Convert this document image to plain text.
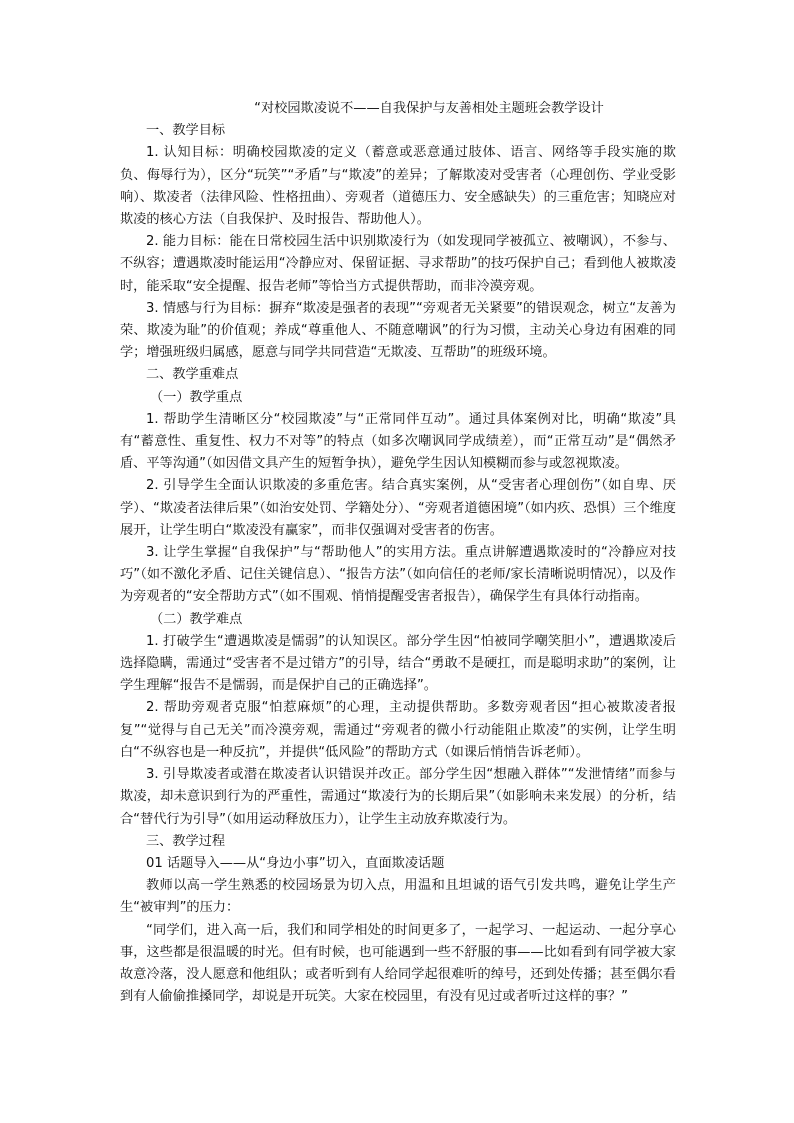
“对校园欺凌说不——自我保护与友善相处主题班会教学设计

一、教学目标

1. 认知目标：明确校园欺凌的定义（蓄意或恶意通过肢体、语言、网络等手段实施的欺负、侮辱行为），区分“玩笑”“矛盾”与“欺凌”的差异；了解欺凌对受害者（心理创伤、学业受影响）、欺凌者（法律风险、性格扭曲）、旁观者（道德压力、安全感缺失）的三重危害；知晓应对欺凌的核心方法（自我保护、及时报告、帮助他人）。

2. 能力目标：能在日常校园生活中识别欺凌行为（如发现同学被孤立、被嘲讽），不参与、不纵容；遭遇欺凌时能运用“冷静应对、保留证据、寻求帮助”的技巧保护自己；看到他人被欺凌时，能采取“安全提醒、报告老师”等恰当方式提供帮助，而非冷漠旁观。

3. 情感与行为目标：摒弃“欺凌是强者的表现”“旁观者无关紧要”的错误观念，树立“友善为荣、欺凌为耻”的价值观；养成“尊重他人、不随意嘲讽”的行为习惯，主动关心身边有困难的同学；增强班级归属感，愿意与同学共同营造“无欺凌、互帮助”的班级环境。

二、教学重难点

（一）教学重点

1. 帮助学生清晰区分“校园欺凌”与“正常同伴互动”。通过具体案例对比，明确“欺凌”具有“蓄意性、重复性、权力不对等”的特点（如多次嘲讽同学成绩差），而“正常互动”是“偶然矛盾、平等沟通”（如因借文具产生的短暂争执），避免学生因认知模糊而参与或忽视欺凌。

2. 引导学生全面认识欺凌的多重危害。结合真实案例，从“受害者心理创伤”（如自卑、厌学）、“欺凌者法律后果”（如治安处罚、学籍处分）、“旁观者道德困境”（如内疚、恐惧）三个维度展开，让学生明白“欺凌没有赢家”，而非仅强调对受害者的伤害。

3. 让学生掌握“自我保护”与“帮助他人”的实用方法。重点讲解遭遇欺凌时的“冷静应对技巧”（如不激化矛盾、记住关键信息）、“报告方法”（如向信任的老师/家长清晰说明情况），以及作为旁观者的“安全帮助方式”（如不围观、悄悄提醒受害者报告），确保学生有具体行动指南。

（二）教学难点

1. 打破学生“遭遇欺凌是懦弱”的认知误区。部分学生因“怕被同学嘲笑胆小”，遭遇欺凌后选择隐瞒，需通过“受害者不是过错方”的引导，结合“勇敢不是硬扛，而是聪明求助”的案例，让学生理解“报告不是懦弱，而是保护自己的正确选择”。

2. 帮助旁观者克服“怕惹麻烦”的心理，主动提供帮助。多数旁观者因“担心被欺凌者报复”“觉得与自己无关”而冷漠旁观，需通过“旁观者的微小行动能阻止欺凌”的实例，让学生明白“不纵容也是一种反抗”，并提供“低风险”的帮助方式（如课后悄悄告诉老师）。

3. 引导欺凌者或潜在欺凌者认识错误并改正。部分学生因“想融入群体”“发泄情绪”而参与欺凌，却未意识到行为的严重性，需通过“欺凌行为的长期后果”（如影响未来发展）的分析，结合“替代行为引导”（如用运动释放压力），让学生主动放弃欺凌行为。

三、教学过程

01 话题导入——从“身边小事”切入，直面欺凌话题

教师以高一学生熟悉的校园场景为切入点，用温和且坦诚的语气引发共鸣，避免让学生产生“被审判”的压力：

“同学们，进入高一后，我们和同学相处的时间更多了，一起学习、一起运动、一起分享心事，这些都是很温暖的时光。但有时候，也可能遇到一些不舒服的事——比如看到有同学被大家故意冷落，没人愿意和他组队；或者听到有人给同学起很难听的绰号，还到处传播；甚至偶尔看到有人偷偷推搡同学，却说是开玩笑。大家在校园里，有没有见过或者听过这样的事？”
